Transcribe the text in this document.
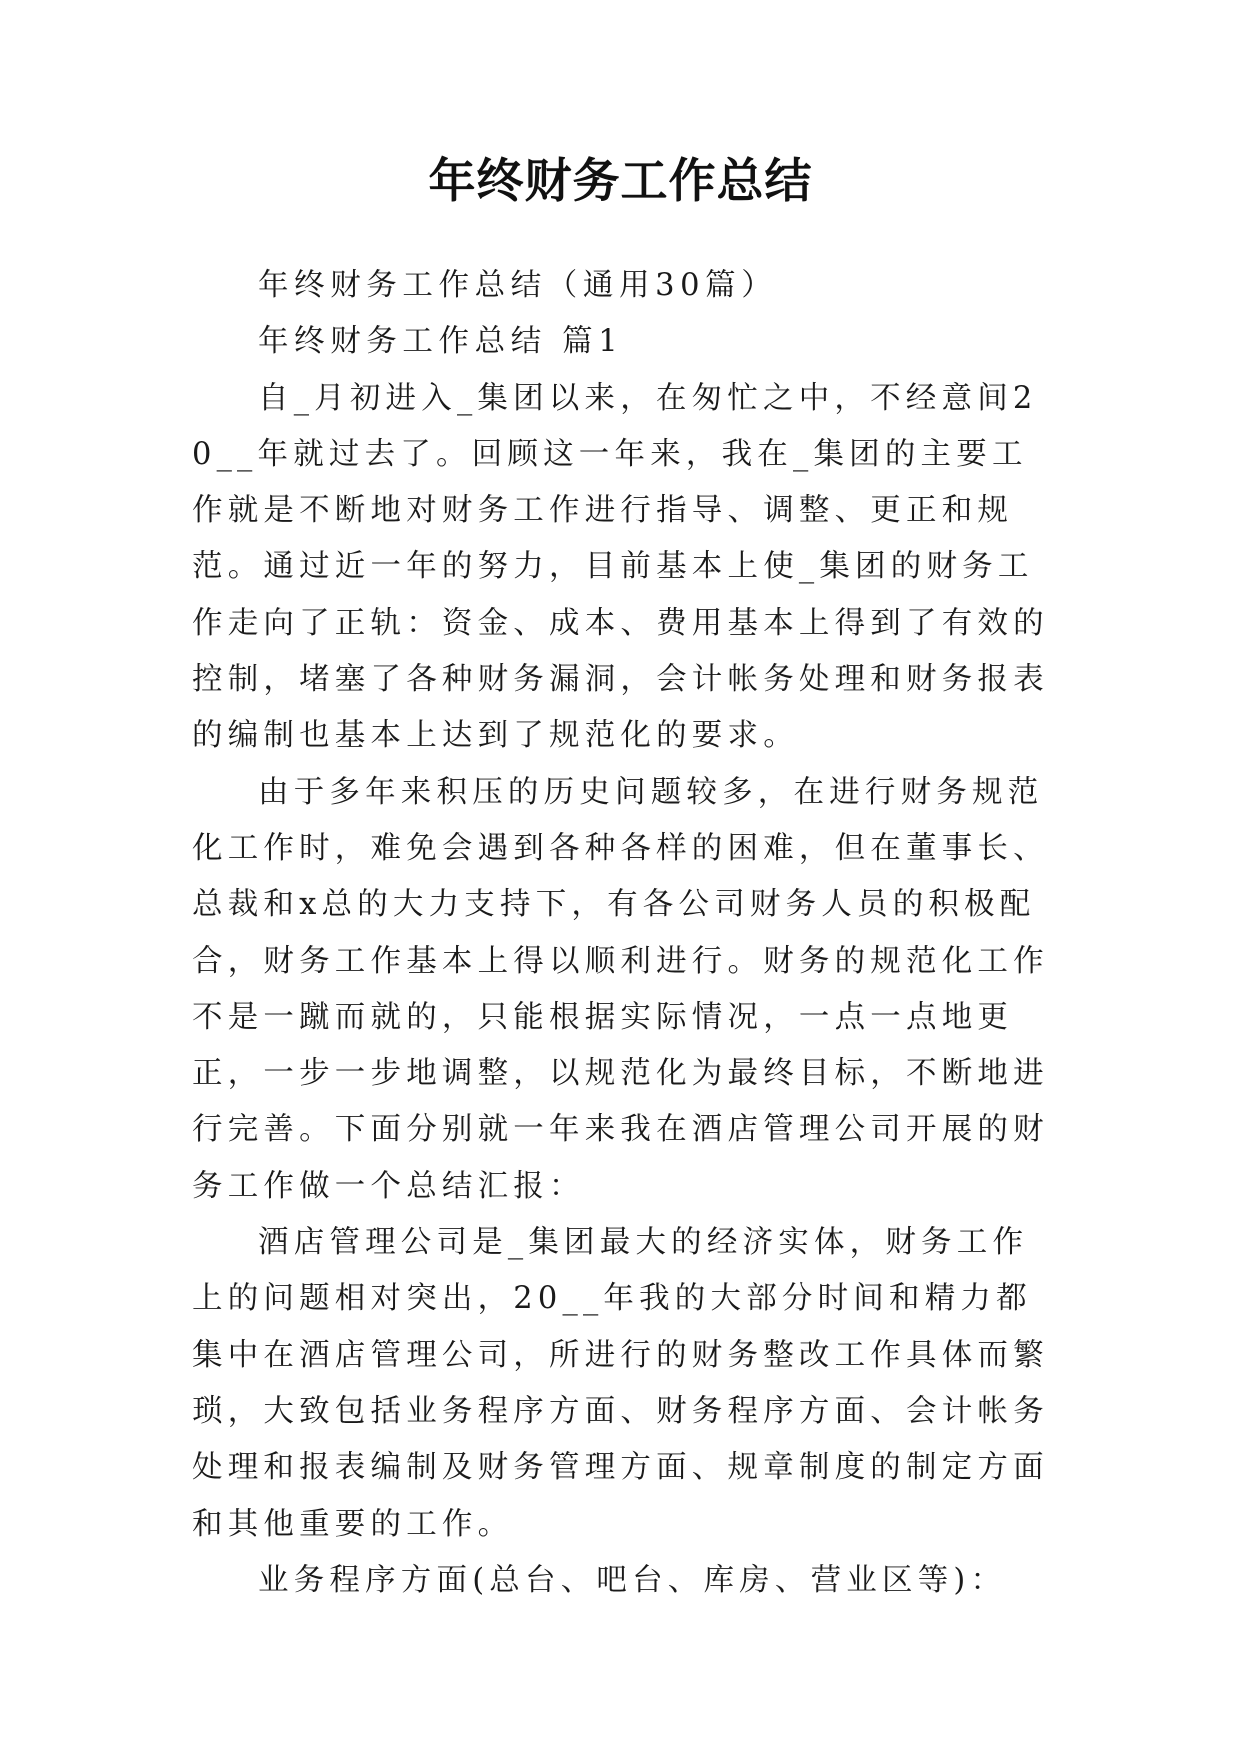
年终财务工作总结

年终财务工作总结（通用30篇）

年终财务工作总结 篇1

自_月初进入_集团以来，在匆忙之中，不经意间20__年就过去了。回顾这一年来，我在_集团的主要工作就是不断地对财务工作进行指导、调整、更正和规范。通过近一年的努力，目前基本上使_集团的财务工作走向了正轨：资金、成本、费用基本上得到了有效的控制，堵塞了各种财务漏洞，会计帐务处理和财务报表的编制也基本上达到了规范化的要求。

由于多年来积压的历史问题较多，在进行财务规范化工作时，难免会遇到各种各样的困难，但在董事长、总裁和x总的大力支持下，有各公司财务人员的积极配合，财务工作基本上得以顺利进行。财务的规范化工作不是一蹴而就的，只能根据实际情况，一点一点地更正，一步一步地调整，以规范化为最终目标，不断地进行完善。下面分别就一年来我在酒店管理公司开展的财务工作做一个总结汇报：

酒店管理公司是_集团最大的经济实体，财务工作上的问题相对突出，20__年我的大部分时间和精力都集中在酒店管理公司，所进行的财务整改工作具体而繁琐，大致包括业务程序方面、财务程序方面、会计帐务处理和报表编制及财务管理方面、规章制度的制定方面和其他重要的工作。

业务程序方面(总台、吧台、库房、营业区等)：
